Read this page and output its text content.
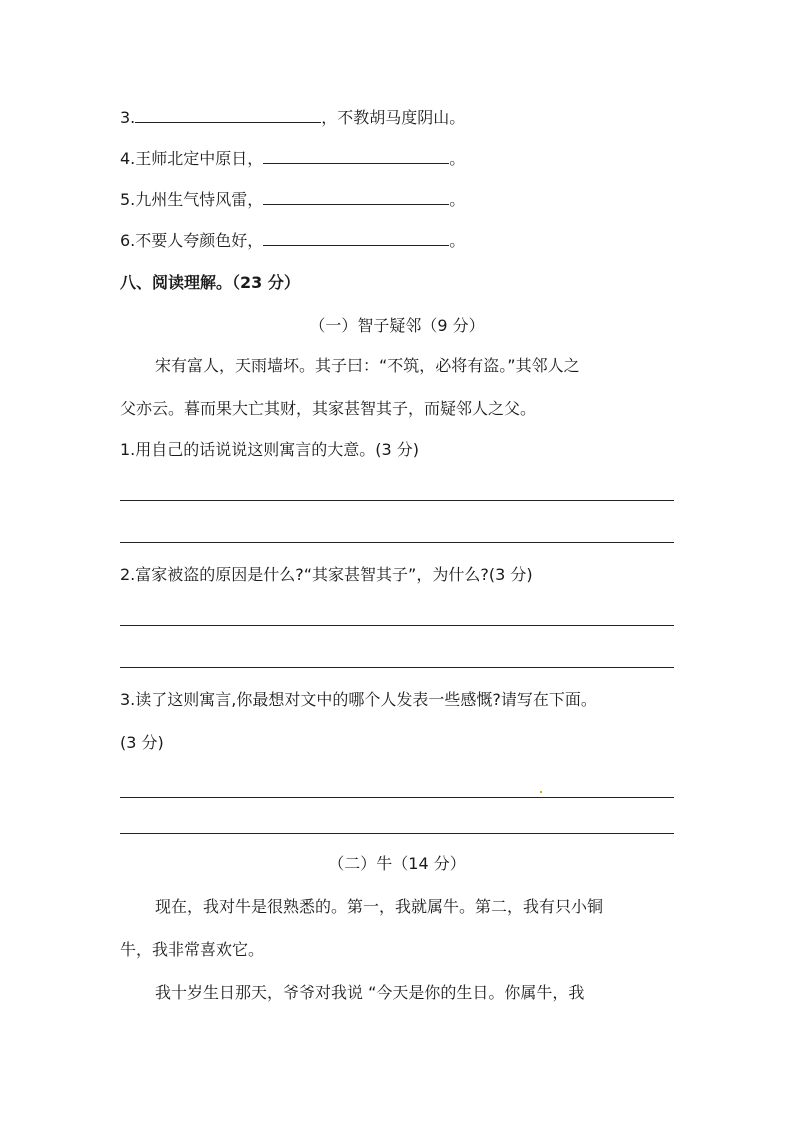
3.	，不教胡马度阴山。
4.王师北定中原日，	。
5.九州生气恃风雷，	。
6.不要人夸颜色好，	。
八、阅读理解。（23 分）
（一）智子疑邻（9 分）
宋有富人，天雨墙坏。其子曰：“不筑，必将有盗。”其邻人之
父亦云。暮而果大亡其财，其家甚智其子，而疑邻人之父。
1.用自己的话说说这则寓言的大意。(3 分)
2.富家被盗的原因是什么?“其家甚智其子”，为什么?(3 分)
3.读了这则寓言,你最想对文中的哪个人发表一些感慨?请写在下面。
(3 分)
（二）牛（14 分）
现在，我对牛是很熟悉的。第一，我就属牛。第二，我有只小铜
牛，我非常喜欢它。
我十岁生日那天，爷爷对我说 “今天是你的生日。你属牛，我
